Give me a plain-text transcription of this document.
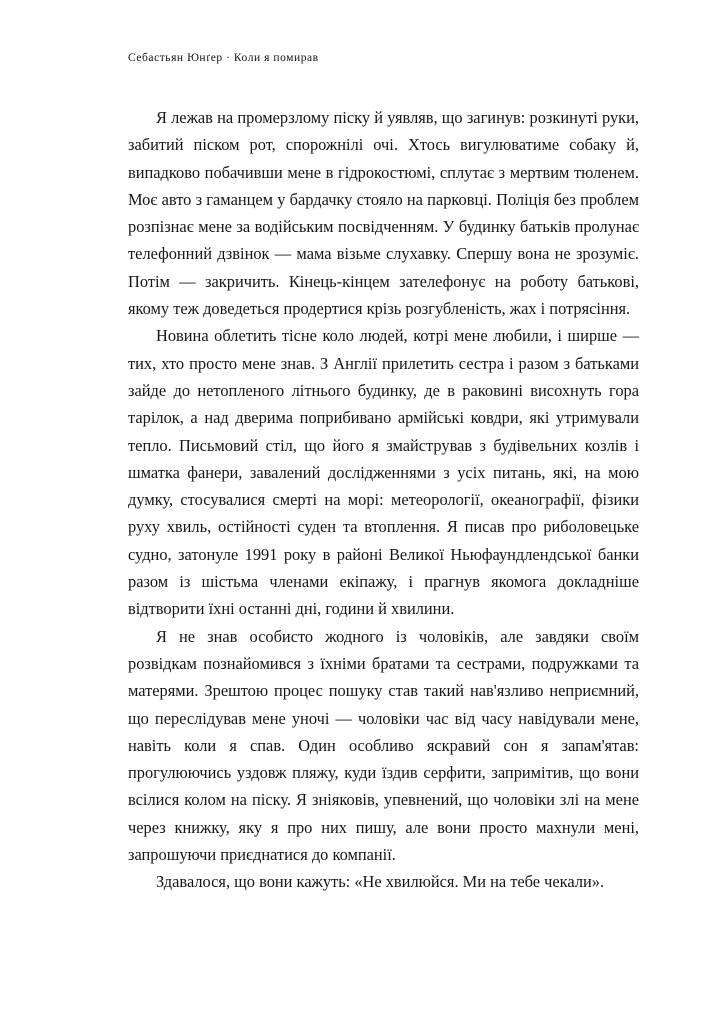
Себастьян Юнґер · Коли я помирав

Я лежав на промерзлому піску й уявляв, що загинув: розкинуті руки, забитий піском рот, спорожнілі очі. Хтось вигулюватиме собаку й, випадково побачивши мене в гідрокостюмі, сплутає з мертвим тюленем. Моє авто з гаманцем у бардачку стояло на парковці. Поліція без проблем розпізнає мене за водійським посвідченням. У будинку батьків пролунає телефонний дзвінок — мама візьме слухавку. Спершу вона не зрозуміє. Потім — закричить. Кінець-кінцем зателефонує на роботу батькові, якому теж доведеться продертися крізь розгубленість, жах і потрясіння.

Новина облетить тісне коло людей, котрі мене любили, і ширше — тих, хто просто мене знав. З Англії прилетить сестра і разом з батьками зайде до нетопленого літнього будинку, де в раковині висохнуть гора тарілок, а над дверима поприбивано армійські ковдри, які утримували тепло. Письмовий стіл, що його я змайстрував з будівельних козлів і шматка фанери, завалений дослідженнями з усіх питань, які, на мою думку, стосувалися смерті на морі: метеорології, океанографії, фізики руху хвиль, остійності суден та втоплення. Я писав про риболовецьке судно, затонуле 1991 року в районі Великої Ньюфаундлендської банки разом із шістьма членами екіпажу, і прагнув якомога докладніше відтворити їхні останні дні, години й хвилини.

Я не знав особисто жодного із чоловіків, але завдяки своїм розвідкам познайомився з їхніми братами та сестрами, подружками та матерями. Зрештою процес пошуку став такий нав'язливо неприємний, що переслідував мене уночі — чоловіки час від часу навідували мене, навіть коли я спав. Один особливо яскравий сон я запам'ятав: прогулюючись уздовж пляжу, куди їздив серфити, запримітив, що вони всілися колом на піску. Я зніяковів, упевнений, що чоловіки злі на мене через книжку, яку я про них пишу, але вони просто махнули мені, запрошуючи приєднатися до компанії.

Здавалося, що вони кажуть: «Не хвилюйся. Ми на тебе чекали».
